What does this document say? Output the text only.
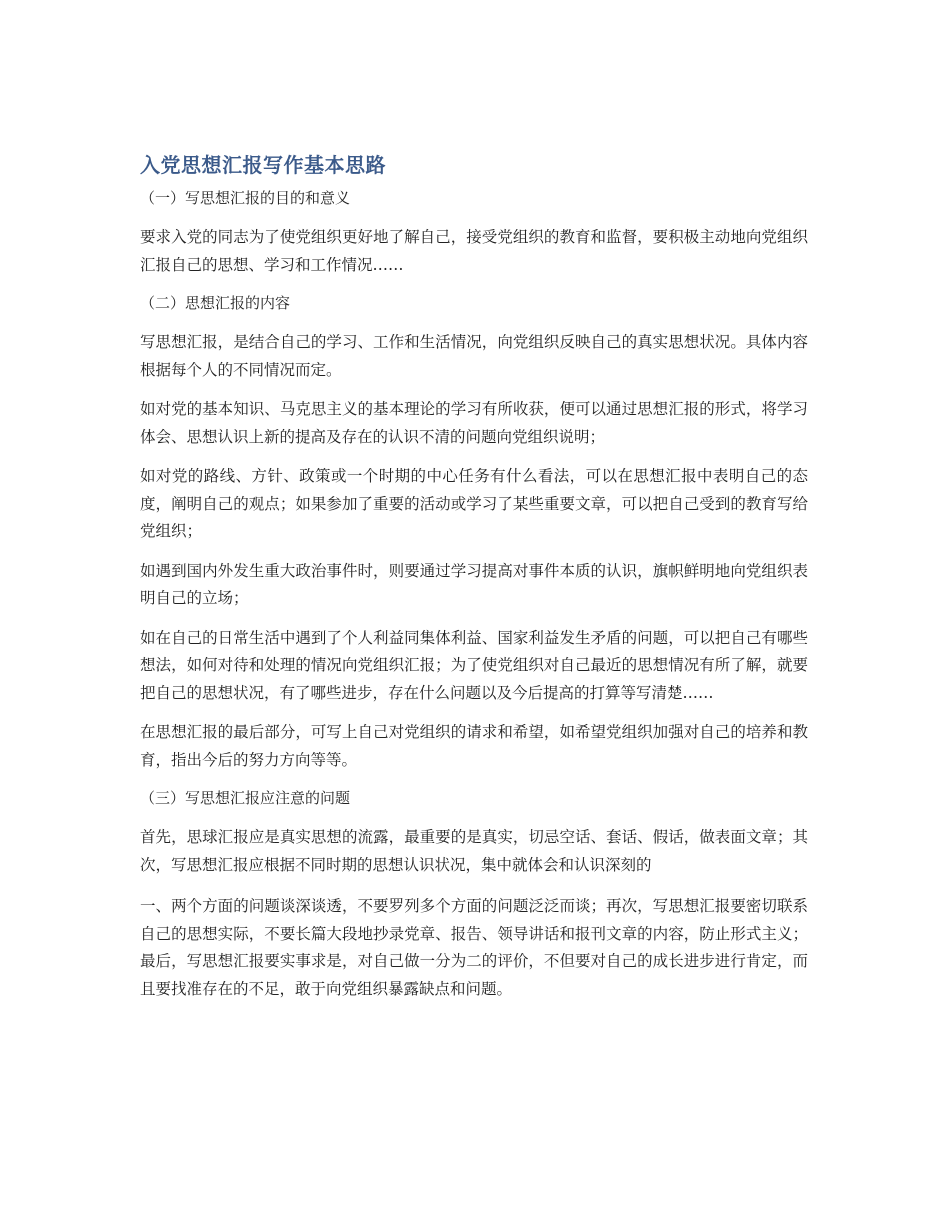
入党思想汇报写作基本思路
（一）写思想汇报的目的和意义

要求入党的同志为了使党组织更好地了解自己，接受党组织的教育和监督，要积极主动地向党组织汇报自己的思想、学习和工作情况……

（二）思想汇报的内容

写思想汇报，是结合自己的学习、工作和生活情况，向党组织反映自己的真实思想状况。具体内容根据每个人的不同情况而定。

如对党的基本知识、马克思主义的基本理论的学习有所收获，便可以通过思想汇报的形式，将学习体会、思想认识上新的提高及存在的认识不清的问题向党组织说明；

如对党的路线、方针、政策或一个时期的中心任务有什么看法，可以在思想汇报中表明自己的态度，阐明自己的观点；如果参加了重要的活动或学习了某些重要文章，可以把自己受到的教育写给党组织；

如遇到国内外发生重大政治事件时，则要通过学习提高对事件本质的认识，旗帜鲜明地向党组织表明自己的立场；

如在自己的日常生活中遇到了个人利益同集体利益、国家利益发生矛盾的问题，可以把自己有哪些想法，如何对待和处理的情况向党组织汇报；为了使党组织对自己最近的思想情况有所了解，就要把自己的思想状况，有了哪些进步，存在什么问题以及今后提高的打算等写清楚……

在思想汇报的最后部分，可写上自己对党组织的请求和希望，如希望党组织加强对自己的培养和教育，指出今后的努力方向等等。

（三）写思想汇报应注意的问题

首先，思球汇报应是真实思想的流露，最重要的是真实，切忌空话、套话、假话，做表面文章；其次，写思想汇报应根据不同时期的思想认识状况，集中就体会和认识深刻的

一、两个方面的问题谈深谈透，不要罗列多个方面的问题泛泛而谈；再次，写思想汇报要密切联系自己的思想实际，不要长篇大段地抄录党章、报告、领导讲话和报刊文章的内容，防止形式主义；最后，写思想汇报要实事求是，对自己做一分为二的评价，不但要对自己的成长进步进行肯定，而且要找准存在的不足，敢于向党组织暴露缺点和问题。
